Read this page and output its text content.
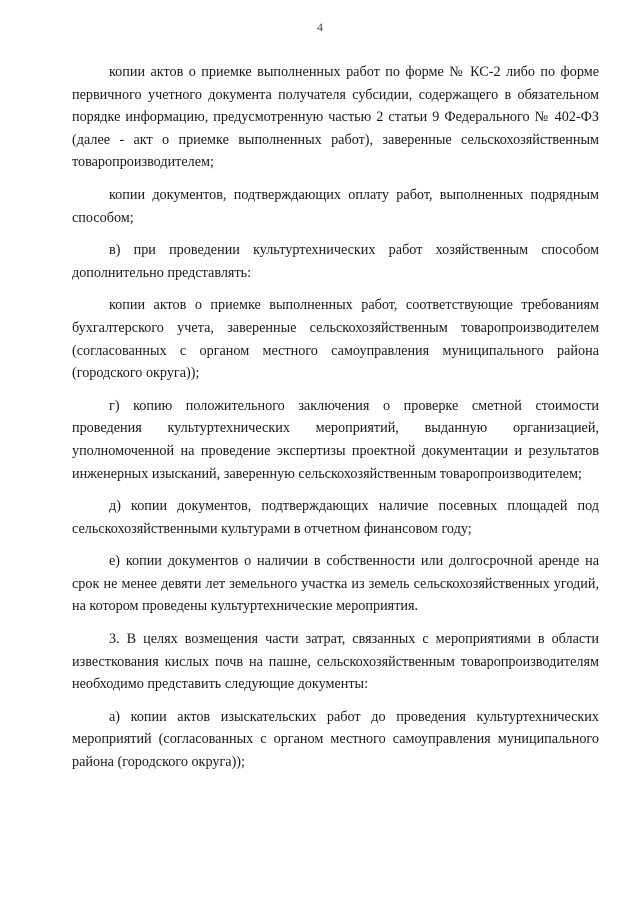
4

копии актов о приемке выполненных работ по форме № КС-2 либо по форме первичного учетного документа получателя субсидии, содержащего в обязательном порядке информацию, предусмотренную частью 2 статьи 9 Федерального № 402-ФЗ (далее - акт о приемке выполненных работ), заверенные сельскохозяйственным товаропроизводителем;

копии документов, подтверждающих оплату работ, выполненных подрядным способом;

в) при проведении культуртехнических работ хозяйственным способом дополнительно представлять:

копии актов о приемке выполненных работ, соответствующие требованиям бухгалтерского учета, заверенные сельскохозяйственным товаропроизводителем (согласованных с органом местного самоуправления муниципального района (городского округа));

г) копию положительного заключения о проверке сметной стоимости проведения культуртехнических мероприятий, выданную организацией, уполномоченной на проведение экспертизы проектной документации и результатов инженерных изысканий, заверенную сельскохозяйственным товаропроизводителем;

д) копии документов, подтверждающих наличие посевных площадей под сельскохозяйственными культурами в отчетном финансовом году;

е) копии документов о наличии в собственности или долгосрочной аренде на срок не менее девяти лет земельного участка из земель сельскохозяйственных угодий, на котором проведены культуртехнические мероприятия.

3. В целях возмещения части затрат, связанных с мероприятиями в области известкования кислых почв на пашне, сельскохозяйственным товаропроизводителям необходимо представить следующие документы:

а) копии актов изыскательских работ до проведения культуртехнических мероприятий (согласованных с органом местного самоуправления муниципального района (городского округа));
